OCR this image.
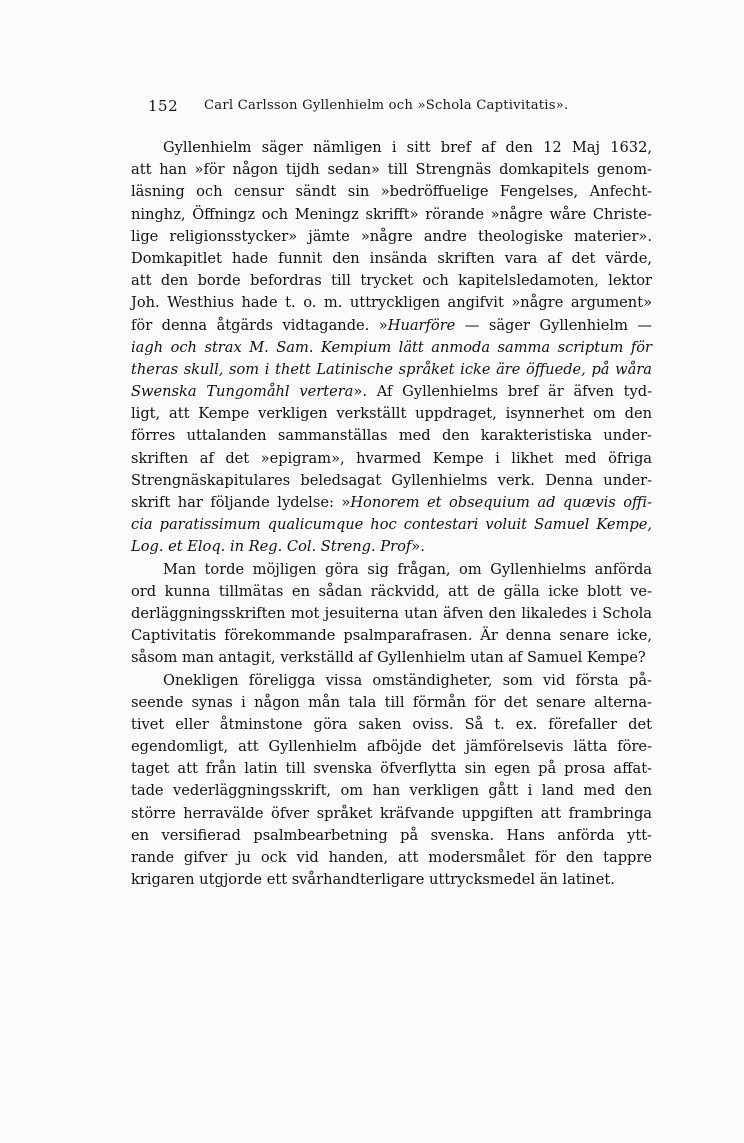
152 Carl Carlsson Gyllenhielm och »Schola Captivitatis».
Gyllenhielm säger nämligen i sitt bref af den 12 Maj 1632,
att han »för någon tijdh sedan» till Strengnäs domkapitels genom-
läsning och censur sändt sin »bedröffuelige Fengelses, Anfecht-
ninghz, Öffningz och Meningz skrifft» rörande »någre wåre Christe-
lige religionsstycker» jämte »någre andre theologiske materier».
Domkapitlet hade funnit den insända skriften vara af det värde,
att den borde befordras till trycket och kapitelsledamoten, lektor
Joh. Westhius hade t. o. m. uttryckligen angifvit »någre argument»
för denna åtgärds vidtagande. »Huarföre — säger Gyllenhielm —
iagh och strax M. Sam. Kempium lätt anmoda samma scriptum för
theras skull, som i thett Latinische språket icke äre öffuede, på wåra
Swenska Tungomåhl vertera». Af Gyllenhielms bref är äfven tyd-
ligt, att Kempe verkligen verkställt uppdraget, isynnerhet om den
förres uttalanden sammanställas med den karakteristiska under-
skriften af det »epigram», hvarmed Kempe i likhet med öfriga
Strengnäskapitulares beledsagat Gyllenhielms verk. Denna under-
skrift har följande lydelse: »Honorem et obsequium ad quævis offi-
cia paratissimum qualicumque hoc contestari voluit Samuel Kempe,
Log. et Eloq. in Reg. Col. Streng. Prof».
Man torde möjligen göra sig frågan, om Gyllenhielms anförda
ord kunna tillmätas en sådan räckvidd, att de gälla icke blott ve-
derläggningsskriften mot jesuiterna utan äfven den likaledes i Schola
Captivitatis förekommande psalmparafrasen. Är denna senare icke,
såsom man antagit, verkställd af Gyllenhielm utan af Samuel Kempe?
Onekligen föreligga vissa omständigheter, som vid första på-
seende synas i någon mån tala till förmån för det senare alterna-
tivet eller åtminstone göra saken oviss. Så t. ex. förefaller det
egendomligt, att Gyllenhielm afböjde det jämförelsevis lätta före-
taget att från latin till svenska öfverflytta sin egen på prosa affat-
tade vederläggningsskrift, om han verkligen gått i land med den
större herravälde öfver språket kräfvande uppgiften att frambringa
en versifierad psalmbearbetning på svenska. Hans anförda ytt-
rande gifver ju ock vid handen, att modersmålet för den tappre
krigaren utgjorde ett svårhandterligare uttrycksmedel än latinet.
